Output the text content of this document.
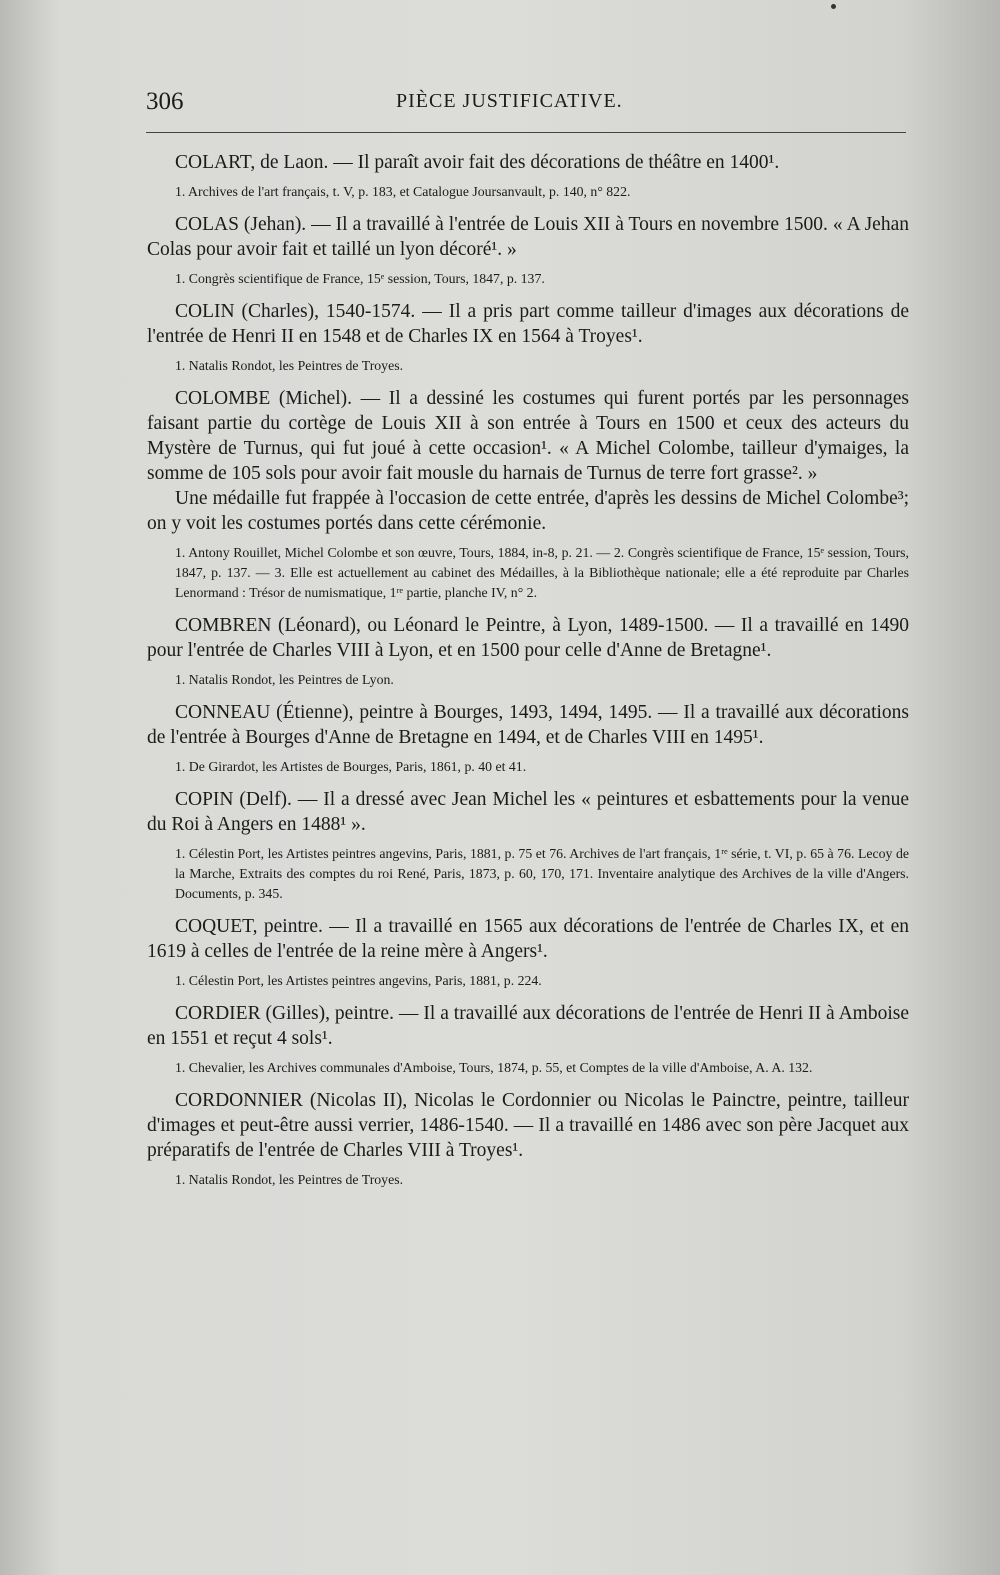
306	PIÈCE JUSTIFICATIVE.

COLART, de Laon. — Il paraît avoir fait des décorations de théâtre en 1400¹.

1. Archives de l'art français, t. V, p. 183, et Catalogue Joursanvault, p. 140, n° 822.

COLAS (Jehan). — Il a travaillé à l'entrée de Louis XII à Tours en novembre 1500. « A Jehan Colas pour avoir fait et taillé un lyon décoré¹. »

1. Congrès scientifique de France, 15ᵉ session, Tours, 1847, p. 137.

COLIN (Charles), 1540-1574. — Il a pris part comme tailleur d'images aux décorations de l'entrée de Henri II en 1548 et de Charles IX en 1564 à Troyes¹.

1. Natalis Rondot, les Peintres de Troyes.

COLOMBE (Michel). — Il a dessiné les costumes qui furent portés par les personnages faisant partie du cortège de Louis XII à son entrée à Tours en 1500 et ceux des acteurs du Mystère de Turnus, qui fut joué à cette occasion¹. « A Michel Colombe, tailleur d'ymaiges, la somme de 105 sols pour avoir fait mousle du harnais de Turnus de terre fort grasse². »

Une médaille fut frappée à l'occasion de cette entrée, d'après les dessins de Michel Colombe³; on y voit les costumes portés dans cette cérémonie.

1. Antony Rouillet, Michel Colombe et son œuvre, Tours, 1884, in-8, p. 21. — 2. Congrès scientifique de France, 15ᵉ session, Tours, 1847, p. 137. — 3. Elle est actuellement au cabinet des Médailles, à la Bibliothèque nationale; elle a été reproduite par Charles Lenormand : Trésor de numismatique, 1ʳᵉ partie, planche IV, n° 2.

COMBREN (Léonard), ou Léonard le Peintre, à Lyon, 1489-1500. — Il a travaillé en 1490 pour l'entrée de Charles VIII à Lyon, et en 1500 pour celle d'Anne de Bretagne¹.

1. Natalis Rondot, les Peintres de Lyon.

CONNEAU (Étienne), peintre à Bourges, 1493, 1494, 1495. — Il a travaillé aux décorations de l'entrée à Bourges d'Anne de Bretagne en 1494, et de Charles VIII en 1495¹.

1. De Girardot, les Artistes de Bourges, Paris, 1861, p. 40 et 41.

COPIN (Delf). — Il a dressé avec Jean Michel les « peintures et esbattements pour la venue du Roi à Angers en 1488¹ ».

1. Célestin Port, les Artistes peintres angevins, Paris, 1881, p. 75 et 76. Archives de l'art français, 1ʳᵉ série, t. VI, p. 65 à 76. Lecoy de la Marche, Extraits des comptes du roi René, Paris, 1873, p. 60, 170, 171. Inventaire analytique des Archives de la ville d'Angers. Documents, p. 345.

COQUET, peintre. — Il a travaillé en 1565 aux décorations de l'entrée de Charles IX, et en 1619 à celles de l'entrée de la reine mère à Angers¹.

1. Célestin Port, les Artistes peintres angevins, Paris, 1881, p. 224.

CORDIER (Gilles), peintre. — Il a travaillé aux décorations de l'entrée de Henri II à Amboise en 1551 et reçut 4 sols¹.

1. Chevalier, les Archives communales d'Amboise, Tours, 1874, p. 55, et Comptes de la ville d'Amboise, A. A. 132.

CORDONNIER (Nicolas II), Nicolas le Cordonnier ou Nicolas le Painctre, peintre, tailleur d'images et peut-être aussi verrier, 1486-1540. — Il a travaillé en 1486 avec son père Jacquet aux préparatifs de l'entrée de Charles VIII à Troyes¹.

1. Natalis Rondot, les Peintres de Troyes.
